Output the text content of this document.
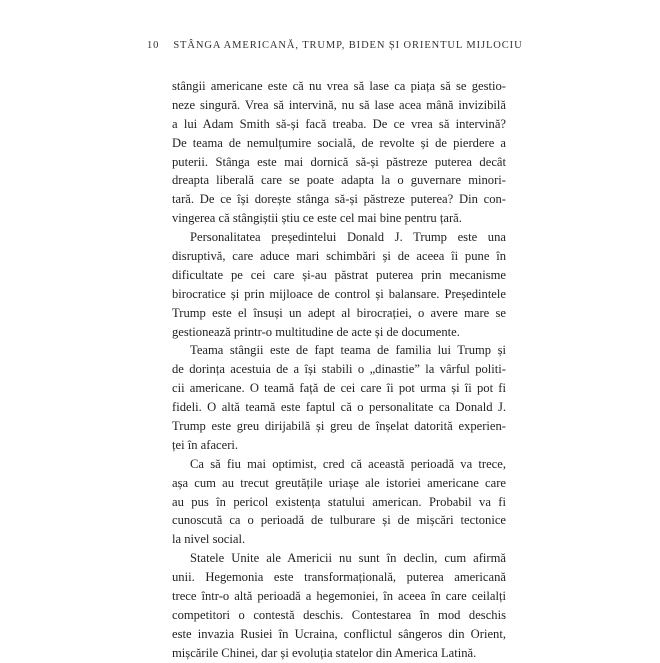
10 STÂNGA AMERICANĂ, TRUMP, BIDEN ȘI ORIENTUL MIJLOCIU
stângii americane este că nu vrea să lase ca piața să se gestio-
neze singură. Vrea să intervină, nu să lase acea mână invizibilă
a lui Adam Smith să-și facă treaba. De ce vrea să intervină?
De teama de nemulțumire socială, de revolte și de pierdere a
puterii. Stânga este mai dornică să-și păstreze puterea decât
dreapta liberală care se poate adapta la o guvernare minori-
tară. De ce își dorește stânga să-și păstreze puterea? Din con-
vingerea că stângiștii știu ce este cel mai bine pentru țară.
Personalitatea președintelui Donald J. Trump este una
disruptivă, care aduce mari schimbări și de aceea îi pune în
dificultate pe cei care și-au păstrat puterea prin mecanisme
birocratice și prin mijloace de control și balansare. Președintele
Trump este el însuși un adept al birocrației, o avere mare se
gestionează printr-o multitudine de acte și de documente.
Teama stângii este de fapt teama de familia lui Trump și
de dorința acestuia de a își stabili o „dinastie” la vârful politi-
cii americane. O teamă față de cei care îi pot urma și îi pot fi
fideli. O altă teamă este faptul că o personalitate ca Donald J.
Trump este greu dirijabilă și greu de înșelat datorită experien-
ței în afaceri.
Ca să fiu mai optimist, cred că această perioadă va trece,
așa cum au trecut greutățile uriașe ale istoriei americane care
au pus în pericol existența statului american. Probabil va fi
cunoscută ca o perioadă de tulburare și de mișcări tectonice
la nivel social.
Statele Unite ale Americii nu sunt în declin, cum afirmă
unii. Hegemonia este transformațională, puterea americană
trece într-o altă perioadă a hegemoniei, în aceea în care ceilalți
competitori o contestă deschis. Contestarea în mod deschis
este invazia Rusiei în Ucraina, conflictul sângeros din Orient,
mișcările Chinei, dar și evoluția statelor din America Latină.
